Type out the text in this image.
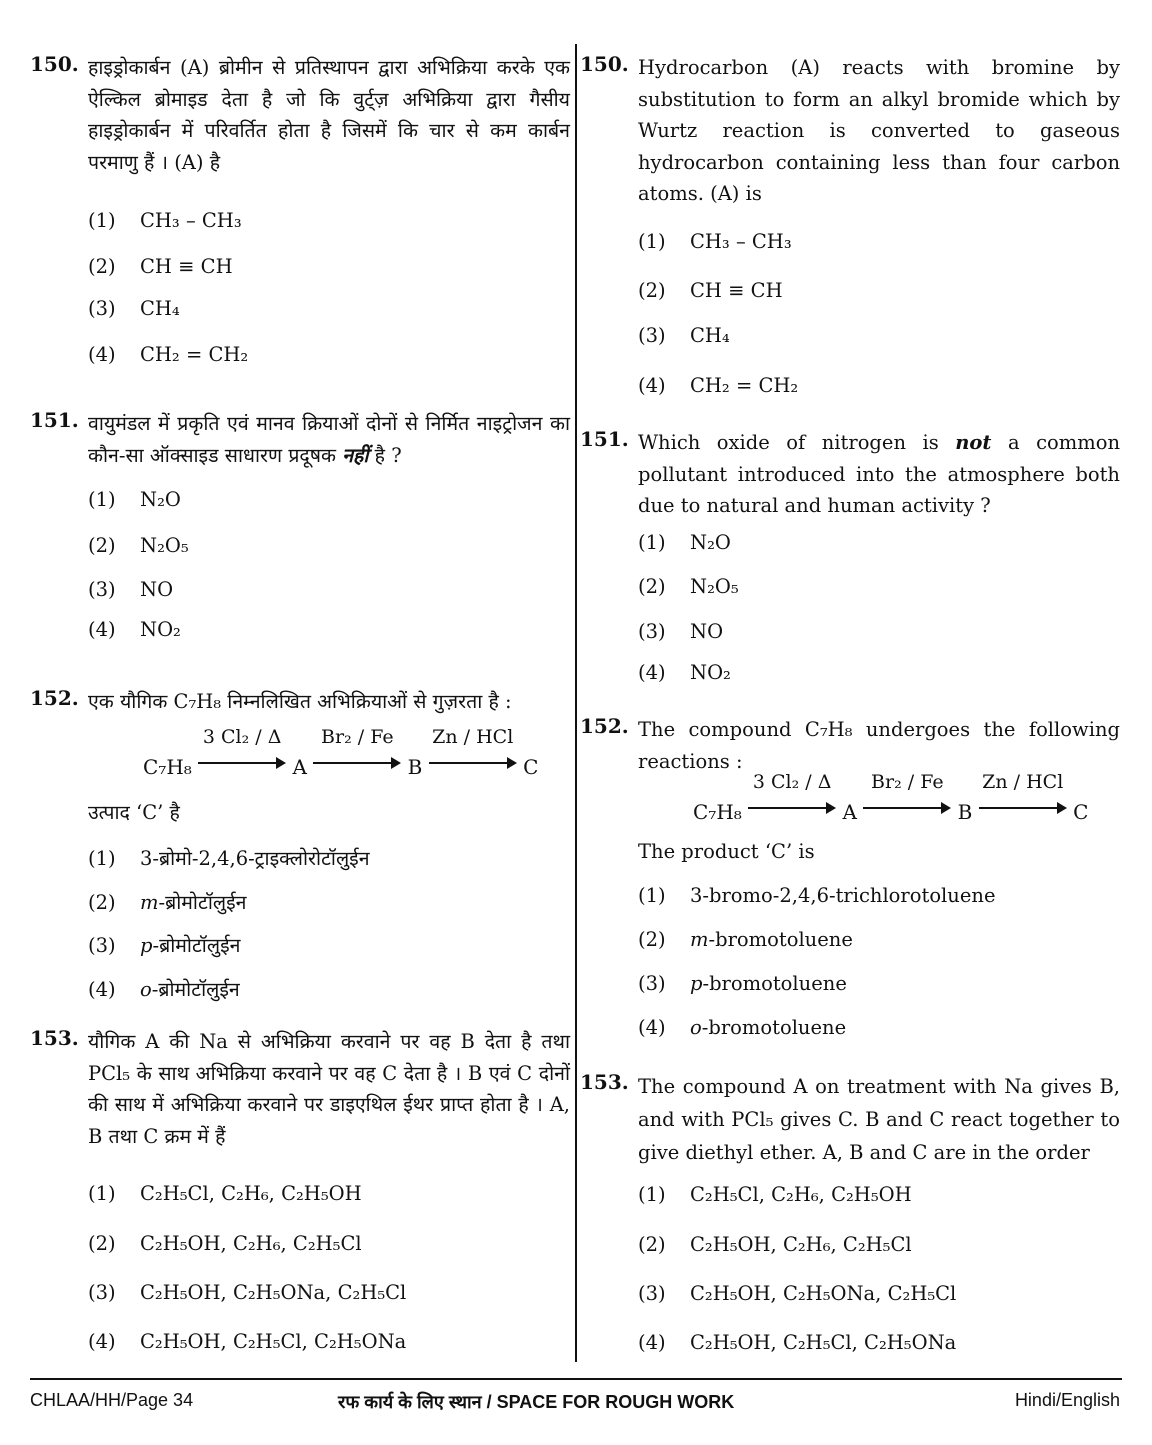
150. हाइड्रोकार्बन (A) ब्रोमीन से प्रतिस्थापन द्वारा अभिक्रिया करके एक ऐल्किल ब्रोमाइड देता है जो कि वुर्ट्ज़ अभिक्रिया द्वारा गैसीय हाइड्रोकार्बन में परिवर्तित होता है जिसमें कि चार से कम कार्बन परमाणु हैं । (A) है
(1) CH₃ – CH₃
(2) CH ≡ CH
(3) CH₄
(4) CH₂ = CH₂
151. वायुमंडल में प्रकृति एवं मानव क्रियाओं दोनों से निर्मित नाइट्रोजन का कौन-सा ऑक्साइड साधारण प्रदूषक नहीं है ?
(1) N₂O
(2) N₂O₅
(3) NO
(4) NO₂
152. एक यौगिक C₇H₈ निम्नलिखित अभिक्रियाओं से गुज़रता है :
C₇H₈
3 Cl₂ / Δ
A
Br₂ / Fe
B
Zn / HCl
C
उत्पाद ‘C’ है
(1) 3-ब्रोमो-2,4,6-ट्राइक्लोरोटॉलुईन
(2) m-ब्रोमोटॉलुईन
(3) p-ब्रोमोटॉलुईन
(4) o-ब्रोमोटॉलुईन
153. यौगिक A की Na से अभिक्रिया करवाने पर वह B देता है तथा PCl₅ के साथ अभिक्रिया करवाने पर वह C देता है । B एवं C दोनों की साथ में अभिक्रिया करवाने पर डाइएथिल ईथर प्राप्त होता है । A, B तथा C क्रम में हैं
(1) C₂H₅Cl, C₂H₆, C₂H₅OH
(2) C₂H₅OH, C₂H₆, C₂H₅Cl
(3) C₂H₅OH, C₂H₅ONa, C₂H₅Cl
(4) C₂H₅OH, C₂H₅Cl, C₂H₅ONa
150. Hydrocarbon (A) reacts with bromine by substitution to form an alkyl bromide which by Wurtz reaction is converted to gaseous hydrocarbon containing less than four carbon atoms. (A) is
(1) CH₃ – CH₃
(2) CH ≡ CH
(3) CH₄
(4) CH₂ = CH₂
151. Which oxide of nitrogen is not a common pollutant introduced into the atmosphere both due to natural and human activity ?
(1) N₂O
(2) N₂O₅
(3) NO
(4) NO₂
152. The compound C₇H₈ undergoes the following reactions :
C₇H₈
3 Cl₂ / Δ
A
Br₂ / Fe
B
Zn / HCl
C
The product ‘C’ is
(1) 3-bromo-2,4,6-trichlorotoluene
(2) m-bromotoluene
(3) p-bromotoluene
(4) o-bromotoluene
153. The compound A on treatment with Na gives B, and with PCl₅ gives C. B and C react together to give diethyl ether. A, B and C are in the order
(1) C₂H₅Cl, C₂H₆, C₂H₅OH
(2) C₂H₅OH, C₂H₆, C₂H₅Cl
(3) C₂H₅OH, C₂H₅ONa, C₂H₅Cl
(4) C₂H₅OH, C₂H₅Cl, C₂H₅ONa
CHLAA/HH/Page 34	रफ कार्य के लिए स्थान / SPACE FOR ROUGH WORK	Hindi/English
